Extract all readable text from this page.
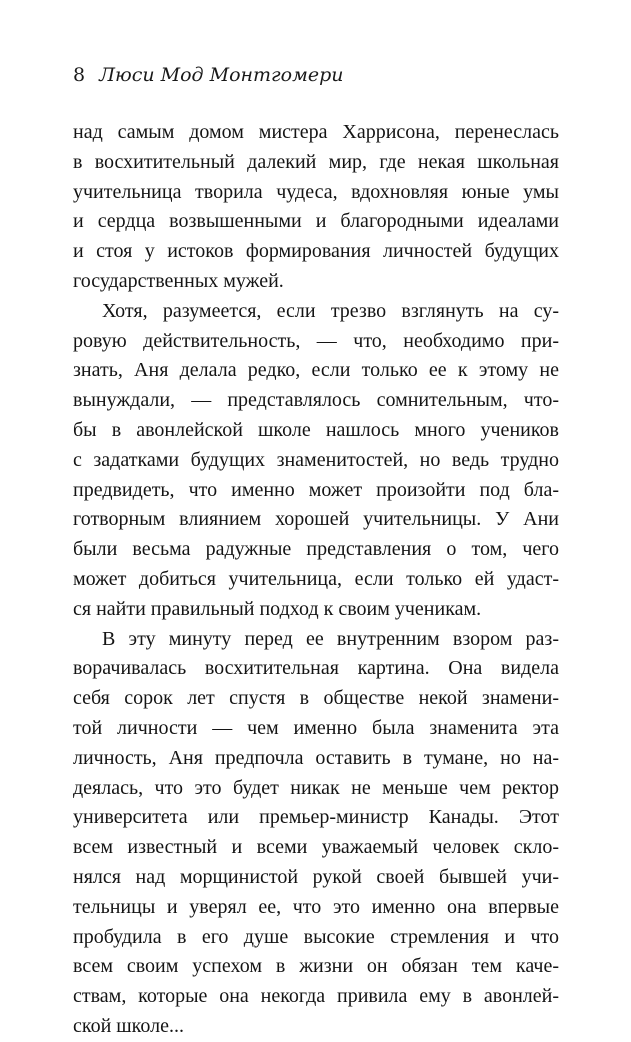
8 Люси Мод Монтгомери
над самым домом мистера Харрисона, перенеслась
в восхитительный далекий мир, где некая школьная
учительница творила чудеса, вдохновляя юные умы
и сердца возвышенными и благородными идеалами
и стоя у истоков формирования личностей будущих
государственных мужей.
Хотя, разумеется, если трезво взглянуть на су-
ровую действительность, — что, необходимо при-
знать, Аня делала редко, если только ее к этому не
вынуждали, — представлялось сомнительным, что-
бы в авонлейской школе нашлось много учеников
с задатками будущих знаменитостей, но ведь трудно
предвидеть, что именно может произойти под бла-
готворным влиянием хорошей учительницы. У Ани
были весьма радужные представления о том, чего
может добиться учительница, если только ей удаст-
ся найти правильный подход к своим ученикам.
В эту минуту перед ее внутренним взором раз-
ворачивалась восхитительная картина. Она видела
себя сорок лет спустя в обществе некой знамени-
той личности — чем именно была знаменита эта
личность, Аня предпочла оставить в тумане, но на-
деялась, что это будет никак не меньше чем ректор
университета или премьер-министр Канады. Этот
всем известный и всеми уважаемый человек скло-
нялся над морщинистой рукой своей бывшей учи-
тельницы и уверял ее, что это именно она впервые
пробудила в его душе высокие стремления и что
всем своим успехом в жизни он обязан тем каче-
ствам, которые она некогда привила ему в авонлей-
ской школе...
